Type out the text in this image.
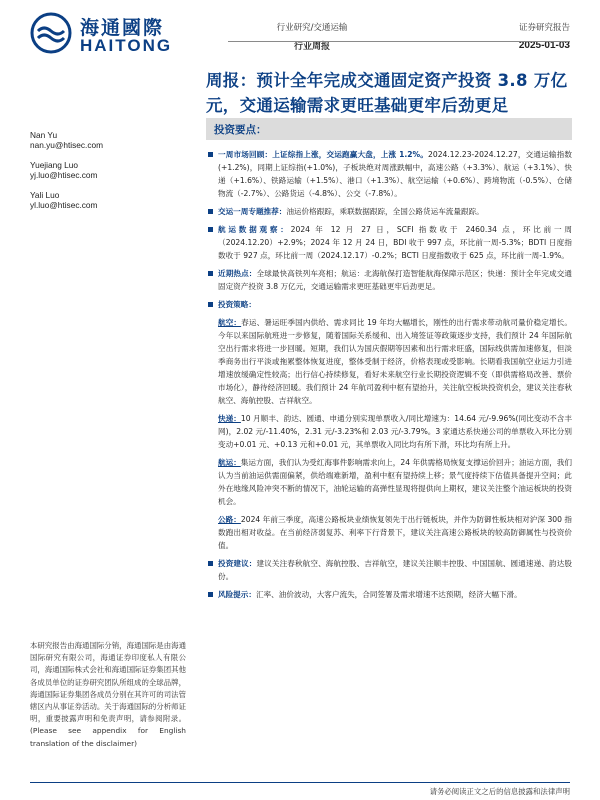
海通國際
HAITONG
行业研究/交通运输
行业周报
证券研究报告
2025-01-03
周报：预计全年完成交通固定资产投资 3.8 万亿元，交通运输需求更旺基础更牢后劲更足
Nan Yu
nan.yu@htisec.com
Yuejiang Luo
yj.luo@htisec.com
Yali Luo
yl.luo@htisec.com
投资要点：
一周市场回顾：上证综指上涨，交运跑赢大盘，上涨 1.2%。2024.12.23-2024.12.27，交通运输指数(+1.2%)，同期上证综指(+1.0%)，子板块绝对周涨跌幅中，高速公路（+3.3%）、航运（+3.1%）、快递（+1.6%）、铁路运输（+1.5%）、港口（+1.3%）、航空运输（+0.6%）、跨境物流（-0.5%）、仓储物流（-2.7%）、公路货运（-4.8%）、公交（-7.8%）。
交运一周专题推荐：油运价格跟踪，乘联数据跟踪，全国公路货运车流量跟踪。
航运数据观察：2024 年 12 月 27 日，SCFI 指数收于 2460.34 点，环比前一周（2024.12.20）+2.9%；2024 年 12 月 24 日，BDI 收于 997 点，环比前一周-5.3%；BDTI 日度指数收于 927 点，环比前一周（2024.12.17）-0.2%；BCTI 日度指数收于 625 点，环比前一周-1.9%。
近期热点：全球最快高铁列车亮相；航运：北海航保打造智能航海保障示范区；快递：预计全年完成交通固定资产投资 3.8 万亿元，交通运输需求更旺基础更牢后劲更足。
投资策略：
航空：春运、暑运旺季国内供给、需求同比 19 年均大幅增长，刚性的出行需求带动航司量价稳定增长。今年以来国际航班进一步修复，随着国际关系缓和、出入境签证等政策逐步支持，我们预计 24 年国际航空出行需求将进一步回暖。短期，我们认为国庆假期等因素和出行需求旺盛，国际线供需加速修复，但淡季商务出行平淡或拖累整体恢复进度，整体受制于经济，价格表现或受影响。长期看我国航空业运力引进增速放缓确定性较高；出行信心持续修复，看好未来航空行业长期投资逻辑不变（即供需格局改善、票价市场化），静待经济回暖。我们预计 24 年航司盈利中枢有望抬升，关注航空板块投资机会，建议关注春秋航空、海航控股、吉祥航空。
快递：10 月顺丰、韵达、圆通、申通分别实现单票收入/同比增速为：14.64 元/-9.96%(同比变动不含丰网)，2.02 元/-11.40%，2.31 元/-3.23%和 2.03 元/-3.79%。3 家通达系快递公司的单票收入环比分别变动+0.01 元、+0.13 元和+0.01 元，其单票收入同比均有所下滑，环比均有所上升。
航运：集运方面，我们认为受红海事件影响需求向上，24 年供需格局恢复支撑运价回升；油运方面，我们认为当前油运供需面偏紧，供给端难新增，盈利中枢有望持续上移；景气度持续下估值具备提升空间；此外在地缘风险冲突不断的情况下，油轮运输的高弹性显现将提供向上期权，建议关注整个油运板块的投资机会。
公路：2024 年前三季度，高速公路板块业绩恢复领先于出行链板块，并作为防御性板块相对沪深 300 指数跑出相对收益。在当前经济弱复苏、利率下行背景下，建议关注高速公路板块的较高防御属性与投资价值。
投资建议：建议关注春秋航空、海航控股、吉祥航空，建议关注顺丰控股、中国国航、圆通速递、韵达股份。
风险提示：汇率、油价波动，大客户流失，合同签署及需求增速不达预期，经济大幅下滑。
本研究报告由海通国际分销，海通国际是由海通国际研究有限公司，海通证券印度私人有限公司，海通国际株式会社和海通国际证券集团其他各成员单位的证券研究团队所组成的全球品牌，海通国际证券集团各成员分别在其许可的司法管辖区内从事证券活动。关于海通国际的分析师证明，重要披露声明和免责声明，请参阅附录。(Please see appendix for English translation of the disclaimer)
请务必阅读正文之后的信息披露和法律声明
